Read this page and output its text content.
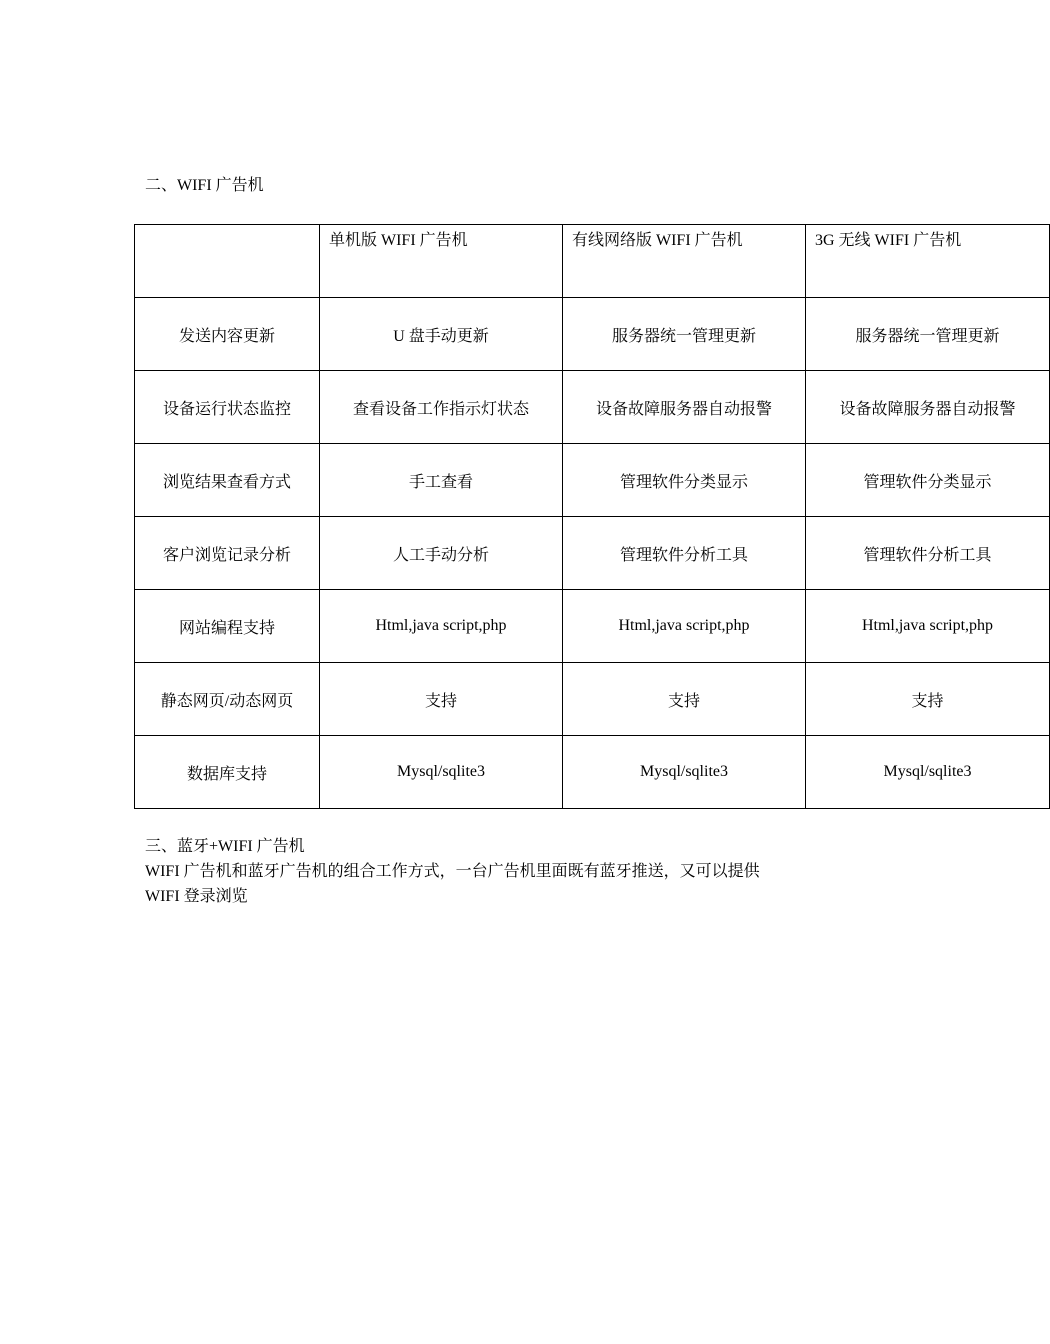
二、WIFI 广告机
	单机版 WIFI 广告机	有线网络版 WIFI 广告机	3G 无线 WIFI 广告机
发送内容更新	U 盘手动更新	服务器统一管理更新	服务器统一管理更新
设备运行状态监控	查看设备工作指示灯状态	设备故障服务器自动报警	设备故障服务器自动报警
浏览结果查看方式	手工查看	管理软件分类显示	管理软件分类显示
客户浏览记录分析	人工手动分析	管理软件分析工具	管理软件分析工具
网站编程支持	Html,java script,php	Html,java script,php	Html,java script,php
静态网页/动态网页	支持	支持	支持
数据库支持	Mysql/sqlite3	Mysql/sqlite3	Mysql/sqlite3

三、蓝牙+WIFI 广告机

WIFI 广告机和蓝牙广告机的组合工作方式，一台广告机里面既有蓝牙推送，又可以提供

WIFI 登录浏览
